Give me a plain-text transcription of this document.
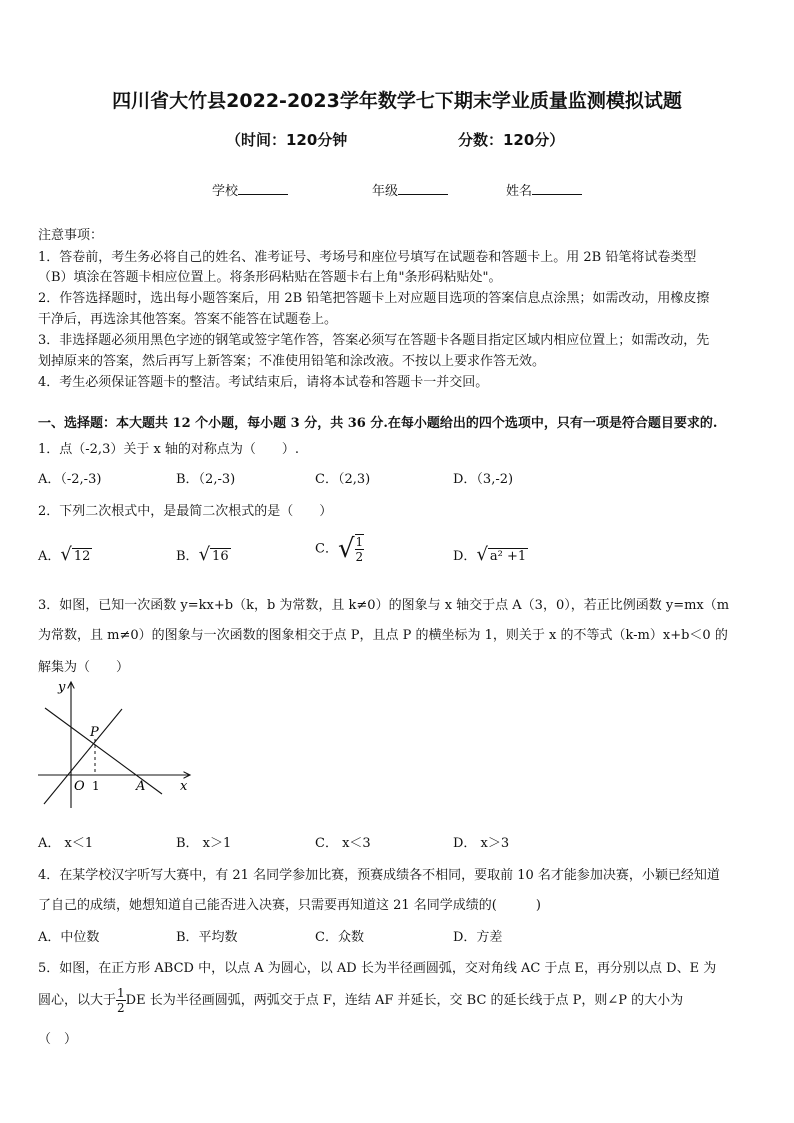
四川省大竹县2022-2023学年数学七下期末学业质量监测模拟试题
（时间：120分钟	分数：120分）
学校	年级	姓名
注意事项：
1．答卷前，考生务必将自己的姓名、准考证号、考场号和座位号填写在试题卷和答题卡上。用 2B 铅笔将试卷类型
（B）填涂在答题卡相应位置上。将条形码粘贴在答题卡右上角"条形码粘贴处"。
2．作答选择题时，选出每小题答案后，用 2B 铅笔把答题卡上对应题目选项的答案信息点涂黑；如需改动，用橡皮擦
干净后，再选涂其他答案。答案不能答在试题卷上。
3．非选择题必须用黑色字迹的钢笔或签字笔作答，答案必须写在答题卡各题目指定区域内相应位置上；如需改动，先
划掉原来的答案，然后再写上新答案；不准使用铅笔和涂改液。不按以上要求作答无效。
4．考生必须保证答题卡的整洁。考试结束后，请将本试卷和答题卡一并交回。
一、选择题：本大题共 12 个小题，每小题 3 分，共 36 分.在每小题给出的四个选项中，只有一项是符合题目要求的.
1．点（-2,3）关于 x 轴的对称点为（　　）.
A．（-2,-3)	B．（2,-3)	C．（2,3)	D．（3,-2)
2．下列二次根式中，是最简二次根式的是（　　）
A．√ 12	B．√ 16	C．√ $\frac{1}{2}$	D．√ a² +1
3．如图，已知一次函数 y=kx+b（k，b 为常数，且 k≠0）的图象与 x 轴交于点 A（3，0），若正比例函数 y=mx（m
为常数，且 m≠0）的图象与一次函数的图象相交于点 P，且点 P 的横坐标为 1，则关于 x 的不等式（k-m）x+b＜0 的
解集为（　　）
y
x
O
P
A
1
A． x＜1	B． x＞1	C． x＜3	D． x＞3
4．在某学校汉字听写大赛中，有 21 名同学参加比赛，预赛成绩各不相同，要取前 10 名才能参加决赛，小颖已经知道
了自己的成绩，她想知道自己能否进入决赛，只需要再知道这 21 名同学成绩的(　　　)
A．中位数	B．平均数	C．众数	D．方差
5．如图，在正方形 ABCD 中，以点 A 为圆心，以 AD 长为半径画圆弧，交对角线 AC 于点 E，再分别以点 D、E 为
圆心，以大于 $\frac{1}{2}$ DE 长为半径画圆弧，两弧交于点 F，连结 AF 并延长，交 BC 的延长线于点 P，则∠P 的大小为
（　）
